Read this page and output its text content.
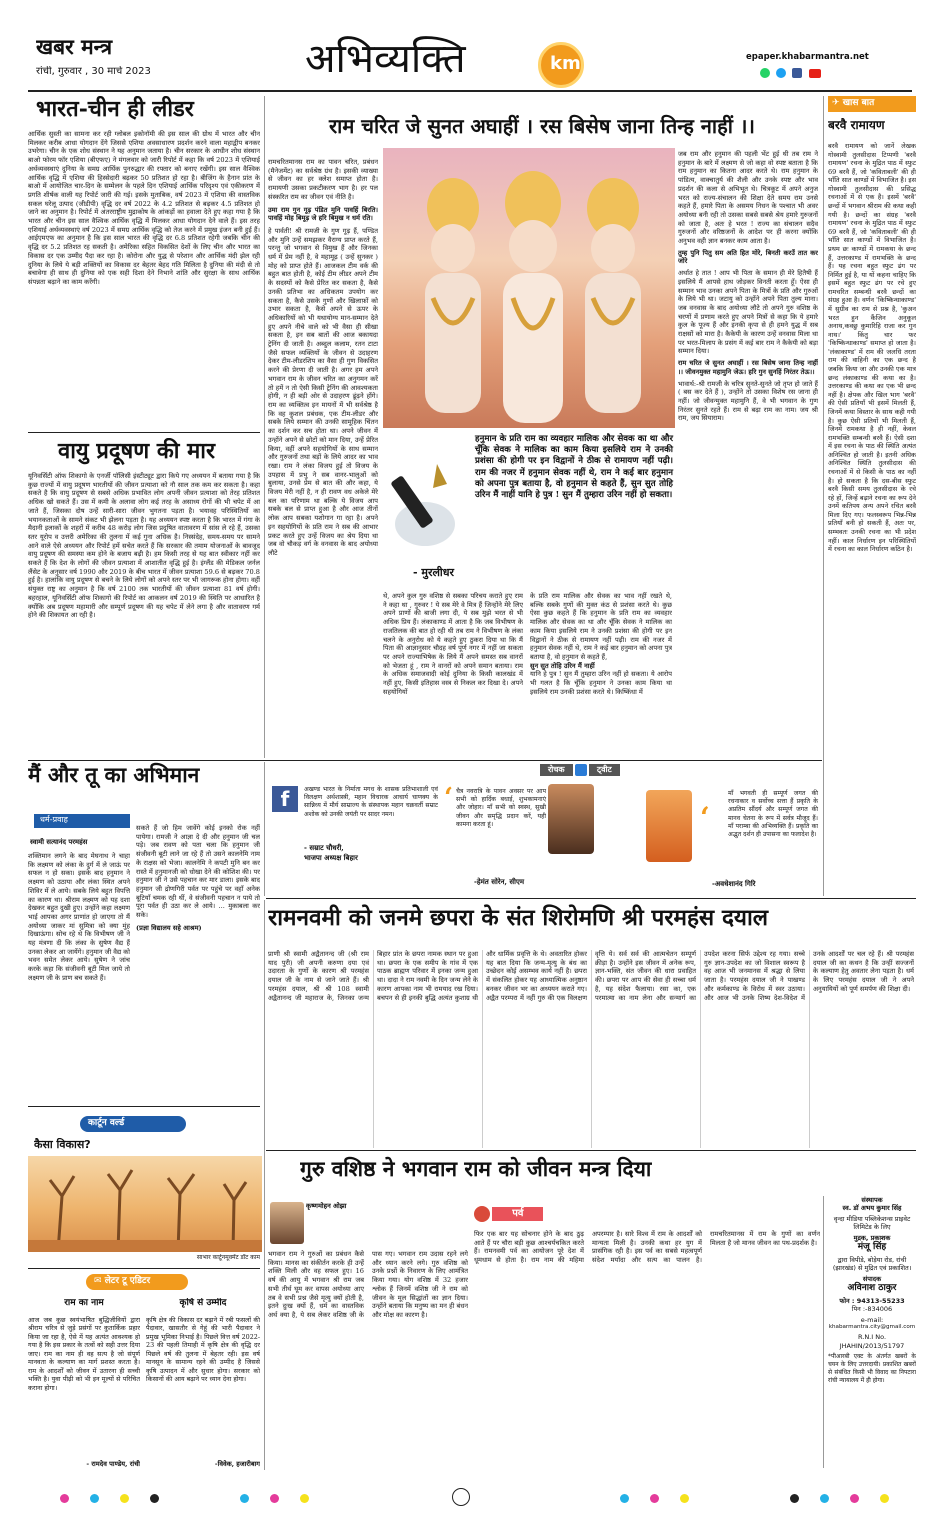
खबर मन्त्र
रांची, गुरुवार , 30 मार्च 2023	अभिव्यक्ति	km	epaper.khabarmantra.net

भारत-चीन ही लीडर
आर्थिक सुस्ती का सामना कर रही ग्लोबल इकोनॉमी की इस साल की ग्रोथ में भारत और चीन मिलकर करीब आधा योगदान देंगे जिससे एशिया अवसाधारण प्रदर्शन करने वाला महाद्वीप बनकर उभरेगा। चीन के एक शोध संस्थान ने यह अनुमान जताया है। चीन सरकार के आधीन शोध संस्थान बाओ फोरम फॉर एशिया (बीएफए) ने मंगलवार को जारी रिपोर्ट में कहा कि वर्ष 2023 में एशियाई अर्थव्यवस्थाएं दुनिया के समग्र आर्थिक पुनरुद्धार की रफ्तार को बनाए रखेंगी। इस साल वैश्विक आर्थिक वृद्धि में एशिया की हिस्सेदारी बढ़कर 50 प्रतिशत हो रहा है। बीजिंग के हैनान प्रांत के बाओ में आयोजित चार-दिन के सम्मेलन के पहले दिन एशियाई आर्थिक परिदृश्य एवं एकीकरण में प्रगति शीर्षक वाली यह रिपोर्ट जारी की गई। इसके मुताबिक, वर्ष 2023 में एशिया की वास्तविक सकल घरेलू उत्पाद (जीडीपी) वृद्धि दर वर्ष 2022 के 4.2 प्रतिशत से बढ़कर 4.5 प्रतिशत हो जाने का अनुमान है। रिपोर्ट में अंतरराष्ट्रीय मुद्राकोष के आंकड़ों का हवाला देते हुए कहा गया है कि भारत और चीन इस साल वैश्विक आर्थिक वृद्धि में मिलकर आधा योगदान देने वाले हैं। इस तरह एशियाई अर्थव्यवस्थाएं वर्ष 2023 में समग्र आर्थिक वृद्धि को तेज करने में प्रमुख इंजन बनी हुई हैं। आईएमएफ का अनुमान है कि इस साल भारत की वृद्धि दर 6.8 प्रतिशत रहेगी जबकि चीन की वृद्धि दर 5.2 प्रतिशत रह सकती है। अमेरिका सहित विकसित देशों के लिए चीन और भारत का विकास दर एक उम्मीद पैदा कर रहा है। कोरोना और युद्ध से परेशान और आर्थिक मंदी झेल रही दुनिया के लिये ये बड़ी शक्तियों का विकास दर बेहतर बेहद गति मिलिता है दुनिया की मंदी से तो बचावेगा ही साथ ही दुनिया को एक सही दिशा देने निभाने शांति और सुरक्षा के साथ आर्थिक संपन्नता बढ़ाने का काम करेंगी।
वायु प्रदूषण की मार
यूनिवर्सिटी ऑफ शिकागो के एनर्जी पॉलिसी इंस्टीट्यूट द्वारा किये गए अध्ययन में बताया गया है कि कुछ राज्यों में वायु प्रदूषण भारतीयों की जीवन प्रत्याशा को नौ साल तक कम कर सकता है। कहा सकते है कि वायु प्रदूषण से सबसे अधिक प्रभावित लोग अपनी जीवन प्रत्याशा को तेरह प्रतिशत अधिक खो सकते हैं। उस में कमी के अलावा लोग कई तरह के असाध्य रोगों की भी चपेट में आ जाते हैं, जिसका दोष उन्हें सारी-सारा जीवन भुगतना पड़ता है। भयावह परिस्थितियों का भयानकताओं के सामने संकट भी झेलना पड़ता है। यह अध्ययन स्पष्ट करता है कि भारत में गंगा के मैदानी इलाकों के शहरों में करीब 48 करोड़ लोग जिस प्रदूषित वातावरण में सांस ले रहे हैं, उसका स्तर यूरोप व उत्तरी अमेरिका की तुलना में कई गुना अधिक है। निस्संदेह, समय-समय पर सामने आने वाले ऐसे अध्ययन और रिपोर्ट हमें सचेत करते हैं कि सरकार की तमाम योजनाओं के बावजूद वायु प्रदूषण की समस्या कम होने के बजाय बढ़ी है। हम किसी तरह से यह बात स्वीकार नहीं कर सकते हैं कि देश के लोगों की जीवन प्रत्याशा में आशातीत वृद्धि हुई है। इंग्लैंड की मेडिकल जर्नल लैंसेट के अनुसार वर्ष 1990 और 2019 के बीच भारत में जीवन प्रत्याशा 59.6 से बढ़कर 70.8 हुई है। हालांकि वायु प्रदूषण से बचने के लिये लोगों को अपने स्तर पर भी जागरूक होना होगा। वहीं संयुक्त राष्ट्र का अनुमान है कि वर्ष 2100 तक भारतीयों की जीवन प्रत्याशा 81 वर्ष होगी। बहरहाल, यूनिवर्सिटी ऑफ शिकागो की रिपोर्ट का आकलन वर्ष 2019 की स्थिति पर आधारित है क्योंकि अब प्रदूषण महामारी और सम्पूर्ण प्रदूषण की यह चपेट में लेने लगा है और वातावरण गर्म होने की शिकायत आ रही है।
राम चरित जे सुनत अघाहीं । रस बिसेष जाना तिन्ह नाहीं ।।
रामचरितमानस राम का पावन चरित, प्रबंधन (मैनेजमेंट) का सर्वश्रेष्ठ ग्रंथ है। इसकी व्याख्या से जीवन का हर क्लेश समाप्त होता है। रामायणी उसका प्रकटीकरण भाग है। हर पल संस्करित राम का जीवन एवं नीति है।
उमा राम गुन गूढ़ पंडित मुनि पावहिं बिरति। पावहिं मोह बिमूढ़ जे हरि बिमुख न धर्म रति।
हे पार्वती! श्री रामजी के गुण गूढ़ हैं, पण्डित और मुनि उन्हें समझकर वैराग्य प्राप्त करते हैं, परन्तु जो भगवान से विमुख हैं और जिनका धर्म में प्रेम नहीं है, वे महामूढ़ ( उन्हें सुनकर ) मोह को प्राप्त होते हैं। आजकल टीम वर्क की बहुत बात होती है, कोई टीम लीडर अपने टीम के सदस्यों को कैसे प्रेरित कर सकता है, कैसे उनकी प्रतिभा का अधिकतम उपयोग कर सकता है, कैसे उसके गुणों और खिलाफ़ों को उभार सकता है, कैसे अपने से ऊपर के अधिकारियों को भी यथायोग्य मान-सम्मान देते हुए अपने नीचे वाले को भी वैसा ही सीखा सकता है, इन सब बातों की आज बकायदा ट्रेनिंग दी जाती है। अब्दुल कलाम, रतन टाटा जैसे सफल व्यक्तियों के जीवन से उदाहरण देकर टीम-लीडरशिप का वैसा ही गुण विकसित करने की प्रेरणा दी जाती है। अगर हम अपने भगवान राम के जीवन चरित का अनुगमन करें तो हमें न तो ऐसी किसी ट्रेनिंग की आवश्यकता होगी, न ही बड़ी ओर से उदाहरण ढूंढ़ने होंगे। राम का व्यक्तित्व इन मायनों में भी सर्वश्रेष्ठ है कि वह कुशल प्रबंधक, एक टीम-लीडर और सबके लिये सम्मान की उनकी सामूहिक चिंतन का दर्शन कर सच होता था। अपने जीवन में उन्होंने अपने से छोटों को मान दिया, उन्हें प्रेरित किया, वहीं अपने सहयोगियों के साथ सम्मान और गुरुजनों तथा बड़ों के लिये आदर का भाव रखा। राम ने लंका विजय हुई तो विजय के उपहास में प्रभु ने सब वानर-भालुओं को बुलाया, उनसे प्रेम से बात की और कहा, ये विजय मेरी नहीं है, न ही रावण वध अकेले मेरे बल का परिणाम था बल्कि ये विजय आप सबके बल से प्राप्त हुआ है और आज तीनों लोक आप सबका यशोगान गा रहा है। अपने इन सहयोगियों के प्रति राम ने सब की आभार प्रकट करते हुए उन्हें विजय का श्रेय दिया था जब वो चौकड़ वर्ग के वनवास के बाद अयोध्या लौटे
हनुमान के प्रति राम का व्यवहार मालिक और सेवक का था और चूँकि सेवक ने मालिक का काम किया इसलिये राम ने उनकी प्रशंसा की होगी पर इन विद्वानों ने ठीक से रामायण नहीं पढ़ी। राम की नजर में हनुमान सेवक नहीं थे, राम ने कई बार हनुमान को अपना पुत्र बताया है, वो हनुमान से कहते हैं, सुन सुत तोहि उरिन मैं नाहीं यानि हे पुत्र ! सुन मैं तुम्हारा उरिन नहीं हो सकता।
- मुरलीधर
थे, अपने कुल गुरु वशिष्ठ से सबका परिचय कराते हुए राम ने कहा था , गुरुवर ! ये सब मेरे वे मित्र हैं जिन्होंने मेरे लिए अपने प्राणों की बाजी लगा दी, ये सब मुझे भरत से भी अधिक प्रिय हैं। लंकाकाण्ड में आता है कि जब विभीषण के राजतिलक की बात हो रही थी तब राम ने विभीषण के लंका चलने के अनुरोध को ये कहते हुए ठुकरा दिया था कि मैं पिता की आज्ञानुसार चौदह वर्ष पूर्ण नगर में नहीं जा सकता पर अपने राज्याभिषेक के लिये मैं अपने समस्त सब वानरों को भेजता हूं , राम ने वानरों को अपने समान बताया। राम के अधिक समाजवादी कोई दुनिया के किसी कालखंड में नहीं हुए, किसी इतिहास वस्त्र से निकल कर दिखा दे। अपने सहयोगियों
के प्रति राम मालिक और सेवक का भाव नहीं रखते थे, बल्कि सबके गुणों की मुक्त कंठ से प्रशंसा करते थे। कुछ ऐसा कुछ कहते हैं कि हनुमान के प्रति राम का व्यवहार मालिक और सेवक का था और चूँकि सेवक ने मालिक का काम किया इसलिये राम ने उनकी प्रशंसा की होगी पर इन विद्वानों ने ठीक से रामायण नहीं पढ़ी। राम की नजर में हनुमान सेवक नहीं थे, राम ने कई बार हनुमान को अपना पुत्र बताया है, वो हनुमान से कहते हैं,
सुन सुत तोहि उरिन मैं नाहीं
यानि हे पुत्र ! सुन मैं तुम्हारा उरिन नहीं हो सकता। ये आरोप भी गलत है कि चूँकि हनुमान ने उनका काम किया था इसलिये राम उनकी प्रशंसा करते थे। किष्किंधा में
जब राम और हनुमान की पहली भेंट हुई थी तब राम ने हनुमान के बारे में लक्ष्मण से जो कहा वो स्पष्ट बताता है कि राम हनुमान का कितना आदर करते थे। राम हनुमान के पांडित्य, वाक्चातुर्य की शैली और उनके स्पष्ट और भाव प्रदर्शन की कला से अभिभूत थे। चित्रकूट में अपने अनुज भरत को राज्य-संचालन की शिक्षा देते समय राम उनसे कहते हैं, हमारे पिता के असमय निधन के पश्चात भी अवर अयोध्या बनी रही तो उसका सबसे सबसे श्रेय हमारे गुरुजनों को जाता है, अतः हे भरत ! राज्य का संचालन सदैव गुरुजनों और वरिष्ठजनों के आदेश पर ही करना क्योंकि अनुभव वही ज्ञान बनकर काम आता है।
तुम्ह पुनि पितु सम अति हित मोरे, बिनती करउँ तात कर जोरे
अर्थात हे तात ! आप भी पिता के समान ही मेरे हितैषी हैं इसलिये मैं आपसे हाथ जोड़कर विनती करता हूँ। ऐसा ही सम्मान भाव उनका अपने पिता के मित्रों के प्रति और गुरुओं के लिये भी था। जटायु को उन्होंने अपने पिता तुल्य माना। जब वनवास के बाद अयोध्या लौटे तो अपने गुरु वशिष्ठ के चरणों में प्रणाम करते हुए अपने मित्रों से कहा कि ये हमारे कुल के पूज्य हैं और इनकी कृपा से ही हमने युद्ध में सब राक्षसों को मारा है। कैकेयी के कारण उन्हें वनवास मिला था पर भरत-मिलाप के प्रसंग में कई बार राम ने कैकेयी को बड़ा सम्मान दिया।
राम चरित जे सुनत अघाहीं । रस बिसेष जाना तिन्ह नाहीं ।। जीवनमुक्त महामुनि जेऊ। हरि गुन सुनहिं निरंतर तेऊ।।
भावार्थ:-श्री रामजी के चरित्र सुनते-सुनते जो तृप्त हो जाते हैं ( बस कर देते हैं ), उन्होंने तो उसका विशेष रस जाना ही नहीं। जो जीवन्मुक्त महामुनि हैं, वे भी भगवान के गुण निरंतर सुनते रहते हैं। राम से बढ़ा राम का नाम। जय श्री राम, जय सियाराम।
✈ खास बात
बरवै रामायण
बरवै रामायण को जानें लेखक गोस्वामी तुलसीदास टिप्पणी 'बरवै रामायण' रचना के मुद्रित पाठ में स्फुट 69 बरवै हैं, जो 'कविताबली' की ही भाँति सात काण्डों में विभाजित है। इस गोस्वामी तुलसीदास की प्रसिद्ध रचनाओं में से एक है। इसमें 'बरवै' छन्दों में भगवान श्रीराम की कथा कही गयी है। छन्दों का संग्रह 'बरवै रामायण' रचना के मुद्रित पाठ में स्फुट 69 बरवै हैं, जो 'कविताबली' की ही भाँति सात काण्डों में विभाजित है। प्रथम छः काण्डों में रामकथा के छन्द हैं, उत्तरकाण्ड में रामभक्ति के छन्द हैं। यह रचना बहुत स्फुट ढंग पर निर्मित हुई है, या यों कहना चाहिए कि इसमें बहुत स्फुट ढंग पर रचे हुए रामचरित सम्बन्धी बरवै छन्दों का संग्रह हुआ है। वर्णन 'किष्किन्धाकाण्ड' में सुग्रीव का राम से प्रश्न है, 'कुअन भरत हुन कैंजिन अनुकूल अनाथ,कवछु कुमारिहि राजा कर गुन नाथ।' किंतु चार फर 'किष्किन्धाकाण्ड' समाप्त हो जाता है। 'लंकाकाण्ड' में राम की जलधि तरता राम की वाहिनी का एक छन्द है जबकि किया जा और उनकी एक मात्र छन्द लंकाकाण्ड की कथा का है। उत्तरकाण्ड की कथा का एक भी छन्द नहीं है। क्षेपक और खिल भाग 'बरवै' की ऐसी प्रतियाँ भी इसमें मिलती हैं, जिनमें कथा विस्तार के साथ कही गयी है। कुछ ऐसी प्रतियों भी मिलती हैं, जिनमें रामकथा है ही नहीं, केवल रामभक्ति सम्बन्धी बरवै हैं। ऐसी दशा में इस रचना के पाठ की स्थिति अत्यंत अनिश्चित हो जाती है। इतनी अधिक अनिश्चित स्थिति तुलसीदास की रचनाओं में से किसी के पाठ का नहीं है। हो सकता है कि दस-बीस स्फुट बरवै किसी समय तुलसीदास के रचे रहे हों, जिन्हें बढ़ाने रचना का रूप देने उनमें कतिपय अन्य अपने रचित बरवै मिला दिए गए। फलस्वरूप भिन्न-भिन्न प्रतियाँ बनी हो सकती हैं, अतः पर, सम्भवतः उनकी रचना का भी प्रदेश नहीं। काल निर्धारण इन परिस्थितियों में रचना का काल निर्धारण कठिन है।
मैं और तू का अभिमान
धर्म-प्रवाह
स्वामी सत्यानंद परमहंस
शक्तिमान लगने के बाद मेघनाथ ने चाहा कि लक्ष्मण को लंका के दुर्ग में ले जाऊं पर सफल न हो सका। इसके बाद हनुमान ने लक्ष्मण को उठाया और लंका स्थित अपने शिविर में ले आये। सबके लिये बहुत विपत्ति का कारण था। श्रीराम लक्ष्मण को यह दशा देखकर बहुत दुखी हुए। उन्होंने कहा लक्ष्मण भाई आपका अगर प्राणांत हो जाएगा तो मैं अयोध्या जाकर मां सुमित्रा को क्या मुंह दिखाऊंगा। सोच रहे थे कि विभीषण जी ने यह मंत्रणा दी कि लंका के सुषेण वैद्य हैं उनका लेकर आ जायेंगे। हनुमान जी वैद्य को भवन समेत लेकर आये। सुषेण ने जांच करके कहा कि संजीवनी बूटी मिल जाये तो लक्ष्मण जी के प्राण बच सकते हैं।
सकते हैं जो हिम जावेंगे कोई इनको रोक नहीं पायेगा। रामजी ने आज्ञा दे दी और हनुमान जी चल पड़े। जब रावण को पता चला कि हनुमान जी संजीवनी बूटी लाने जा रहे हैं तो उसने कालनेमि नाम के राक्षस को भेजा। कालनेमि ने कपटी मुनि बन कर रास्ते में हनुमानजी को धोखा देने की कोशिश की। पर हनुमान जी ने उसे पहचान कर मार डाला। इसके बाद हनुमान जी द्रोणगिरी पर्वत पर पहुंचे पर वहाँ अनेक बूटियाँ चमक रही थीं, वे संजीवनी पहचान न पाये तो पूरा पर्वत ही उठा कर ले आये। ... मुकाबला कर सके।
(प्रज्ञा विद्यालय सहे आश्रम)
रोचक	ट्वीट
f	अखण्ड भारत के निर्माता मगध के शासक प्रतिभाशाली एवं विलक्षण अर्थशास्त्री, महान विचारक आचार्य चाणक्य के सान्निध्य में मौर्य साम्राज्य के संस्थापक महान चक्रवर्ती सम्राट अशोक को उनकी जयंती पर सादर नमन।
- सम्राट चौधरी,
भाजपा अध्यक्ष बिहार
‘ चैत्र नवरात्रि के पावन अवसर पर आप सभी को हार्दिक बधाई, शुभकामनाएं और जोहार। माँ सभी को स्वस्थ, सुखी जीवन और समृद्धि प्रदान करें, यही कामना करता हूं।
-हेमंत सोरेन, सीएम
‘
माँ भगवती ही सम्पूर्ण जगत की रचनाकार व सर्वोच्च सत्ता हैं प्रकृति के अप्रतिम सौंदर्य और सम्पूर्ण जगत की मानव चेतना के रूप में सर्वत्र मौजूद हैं। माँ पराम्बा की अभिव्यक्ति हैं। प्रकृति का अद्भुत दर्शन ही उपासना का फलादेश है।
-अवधेशानंद गिरि
रामनवमी को जनमे छपरा के संत शिरोमणि श्री परमहंस दयाल
प्राणी श्री स्वामी अद्वैतानन्द जी (श्री राम याद पुरी) जी अपनी करुणा दया एवं उदारता के गुणों के कारण श्री परमहंस दयाल जी के नाम से जाने जाते हैं। श्री परमहंस दयाल, श्री श्री 108 स्वामी अद्वैतानन्द जी महाराज के, जिनका जन्म बिहार प्रांत के छपरा नामक स्थान पर हुआ था। छपरा के एक समीप के गांव में एक पाठक ब्राह्मण परिवार में इनका जन्म हुआ था। दादा ने राम नवमी के दिन जन्म लेने के कारण आपका नाम भी रामयाद रख दिया। बचपन से ही इनकी बुद्धि अत्यंत कुशाग्र थी और धार्मिक प्रवृत्ति के थे। अवतारित होकर यह बात दिया कि जन्म-मृत्यु के बंध का उच्छेदन कोई असम्भव कार्य नहीं है। छपरा में संकलित होकर यह आध्यात्मिक अनुष्ठान बनकर जीवन भर का अध्ययन कराते गए। अद्वैत परम्परा में नहीं गुरु की एक विलक्षण वृत्ति ये। सर्व सर्व की आत्मचेतन सम्पूर्ण क्रीड़ा है। उन्होंने इस जीवन में अनेक रूप, ज्ञान-भक्ति, संत जीवन की धारा प्रवाहित की। छपरा पर आप की सेवा ही सच्चा धर्म है, यह संदेश फैलाया। रसा का, एक परमात्मा का नाम लेना और सन्मार्ग का उपदेश करना सिर्फ उद्देश्य रह गया। सच्चे गुरु ज्ञान-उपदेश का जो विशाल स्वरूप है वह आज भी जनमानस में श्रद्धा से लिया जाता है। परमहंस दयाल जी ने पाखण्ड और कर्मकाण्ड के विरोध में स्वर उठाया। और आज भी उनके शिष्य देश-विदेश में उनके आदर्शों पर चल रहे हैं। श्री परमहंस दयाल जी का कथन है कि उन्हीं सज्जनों के कल्याण हेतु अवतार लेना पड़ता है। धर्म के लिए परमहंस दयाल जी ने अपने अनुयायियों को पूर्ण समर्पण की शिक्षा दी।
कार्टून वर्ल्ड
कैसा विकास?
साभार कार्टूनमूवमेंट डॉट काम
✉ लेटर टू एडिटर
राम का नाम
आज जब कुछ स्वयंभाषित बुद्धिजीवियों द्वारा श्रीराम चरित्र से जुड़े प्रसंगों पर कुतार्किक प्रहार किया जा रहा है, ऐसे में यह अत्यंत आवश्यक हो गया है कि इस प्रकार के तत्वों को सही उत्तर दिया जाए। राम का नाम ही वह सत्य है जो संपूर्ण मानवता के कल्याण का मार्ग प्रशस्त करता है। राम के आदर्शों को जीवन में उतारना ही सच्ची भक्ति है। युवा पीढ़ी को भी इन मूल्यों से परिचित कराना होगा।
- रामदेव पाण्डेय, रांची
कृषि से उम्मीद
कृषि क्षेत्र की विकास दर बढ़ाने में रबी फसलों की पैदावार, खासतौर से गेहूं की भारी पैदावार ने प्रमुख भूमिका निभाई है। पिछले वित्त वर्ष 2022-23 की पहली तिमाही में कृषि क्षेत्र की वृद्धि दर पिछले वर्ष की तुलना में बेहतर रही। इस वर्ष मानसून के सामान्य रहने की उम्मीद है जिससे कृषि उत्पादन में और सुधार होगा। सरकार को किसानों की आय बढ़ाने पर ध्यान देना होगा।
-विवेक, हजारीबाग
गुरु वशिष्ठ ने भगवान राम को जीवन मन्त्र दिया
कृष्णमोहन ओझा
भगवान राम ने गुरुओं का प्रबंधन कैसे किया। मानस का संकीर्तन करके ही उन्हें शक्ति मिली और वह सफल हुए। 16 वर्ष की आयु में भगवान श्री राम जब सभी तीर्थ घूम कर वापस अयोध्या आए तब वे सभी प्रश्न जैसे मृत्यु क्यों होती है, इतने दुःख क्यों हैं, धर्म का वास्तविक अर्थ क्या है, ये सब लेकर वशिष्ठ जी के पास गए। भगवान राम उदास रहने लगे और ध्यान करने लगे। गुरु वशिष्ठ को उनके प्रश्नों के निवारण के लिए आमंत्रित किया गया। योग वशिष्ठ में 32 हजार श्लोक हैं जिनमें वशिष्ठ जी ने राम को जीवन के मूल सिद्धांतों का ज्ञान दिया। उन्होंने बताया कि मनुष्य का मन ही बंधन और मोक्ष का कारण है।
पर्व
फिर एक बार यह सोचनार होने के बाद ठुढ़ आते हैं पर चौरा बड़ी कुछ आश्चर्यचकित करते हैं। रामनवमी पर्व का आयोजन पूरे देश में धूमधाम से होता है। राम नाम की महिमा अपरम्पार है। सारे विश्व में राम के आदर्शों को मान्यता मिली है। उनकी कथा हर युग में प्रासंगिक रही है। इस पर्व का सबसे महत्वपूर्ण संदेश मर्यादा और सत्य का पालन है। रामचरितमानस में राम के गुणों का वर्णन मिलता है जो मानव जीवन का पथ-प्रदर्शक है।
संस्थापक
स्व. डॉ अभय कुमार सिंह
वृन्दा मीडिया पब्लिकेशन्स प्राइवेट लिमिटेड के लिए
मुद्रक, प्रकाशक
मंजू सिंह
द्वारा विपीडे, बोड़ेया रोड, रांची (झारखंड) से मुद्रित एवं प्रकाशित।
संपादक
अविनाश ठाकुर
फोन : 94313-55233
पिन :-834006
e-mail:
khabarmantra.city@gmail.com
R.N.I No.
JHAHIN/2013/51797
*पीआरबी एक्ट के अंतर्गत खबरों के चयन के लिए उत्तरदायी। प्रकाशित खबरों से संबंधित किसी भी विवाद का निपटारा रांची न्यायालय में ही होगा।
